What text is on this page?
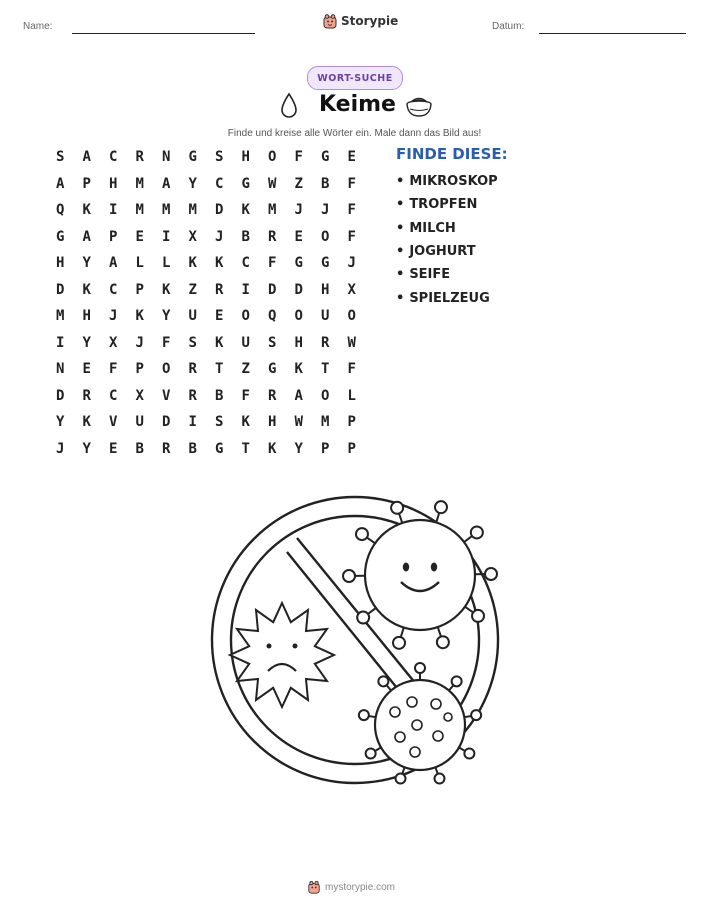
Name:	Storypie	Datum:
WORT-SUCHE
Keime
Finde und kreise alle Wörter ein. Male dann das Bild aus!
S	A	C	R	N	G	S	H	O	F	G	E
A	P	H	M	A	Y	C	G	W	Z	B	F
Q	K	I	M	M	M	D	K	M	J	J	F
G	A	P	E	I	X	J	B	R	E	O	F
H	Y	A	L	L	K	K	C	F	G	G	J
D	K	C	P	K	Z	R	I	D	D	H	X
M	H	J	K	Y	U	E	O	Q	O	U	O
I	Y	X	J	F	S	K	U	S	H	R	W
N	E	F	P	O	R	T	Z	G	K	T	F
D	R	C	X	V	R	B	F	R	A	O	L
Y	K	V	U	D	I	S	K	H	W	M	P
J	Y	E	B	R	B	G	T	K	Y	P	P
FINDE DIESE:
• MIKROSKOP
• TROPFEN
• MILCH
• JOGHURT
• SEIFE
• SPIELZEUG
mystorypie.com
